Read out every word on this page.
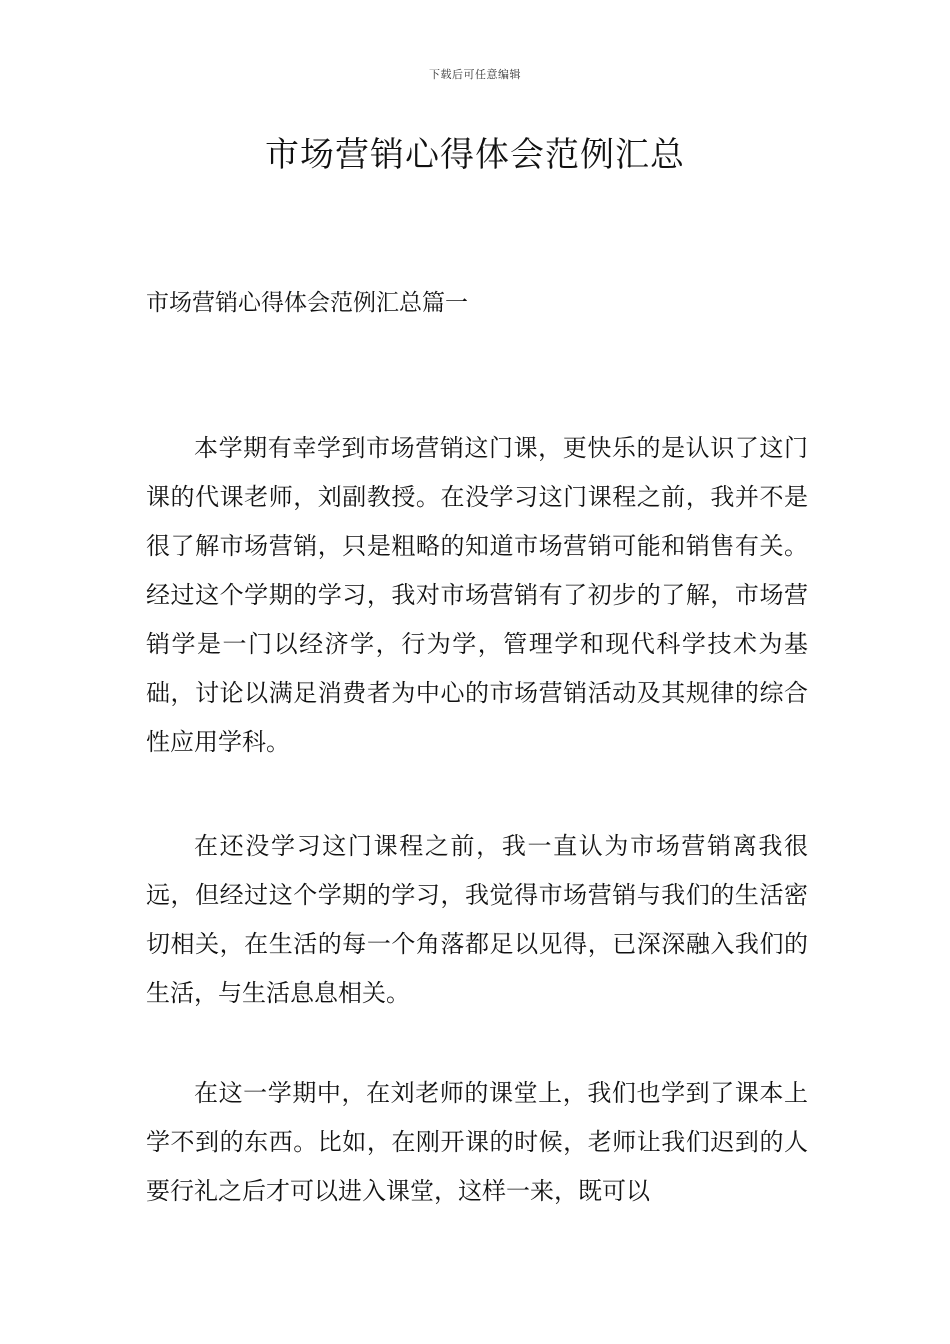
下载后可任意编辑
市场营销心得体会范例汇总
市场营销心得体会范例汇总篇一

本学期有幸学到市场营销这门课，更快乐的是认识了这门课的代课老师，刘副教授。在没学习这门课程之前，我并不是很了解市场营销，只是粗略的知道市场营销可能和销售有关。经过这个学期的学习，我对市场营销有了初步的了解，市场营销学是一门以经济学，行为学，管理学和现代科学技术为基础，讨论以满足消费者为中心的市场营销活动及其规律的综合性应用学科。

在还没学习这门课程之前，我一直认为市场营销离我很远，但经过这个学期的学习，我觉得市场营销与我们的生活密切相关，在生活的每一个角落都足以见得，已深深融入我们的生活，与生活息息相关。

在这一学期中，在刘老师的课堂上，我们也学到了课本上学不到的东西。比如，在刚开课的时候，老师让我们迟到的人要行礼之后才可以进入课堂，这样一来，既可以
